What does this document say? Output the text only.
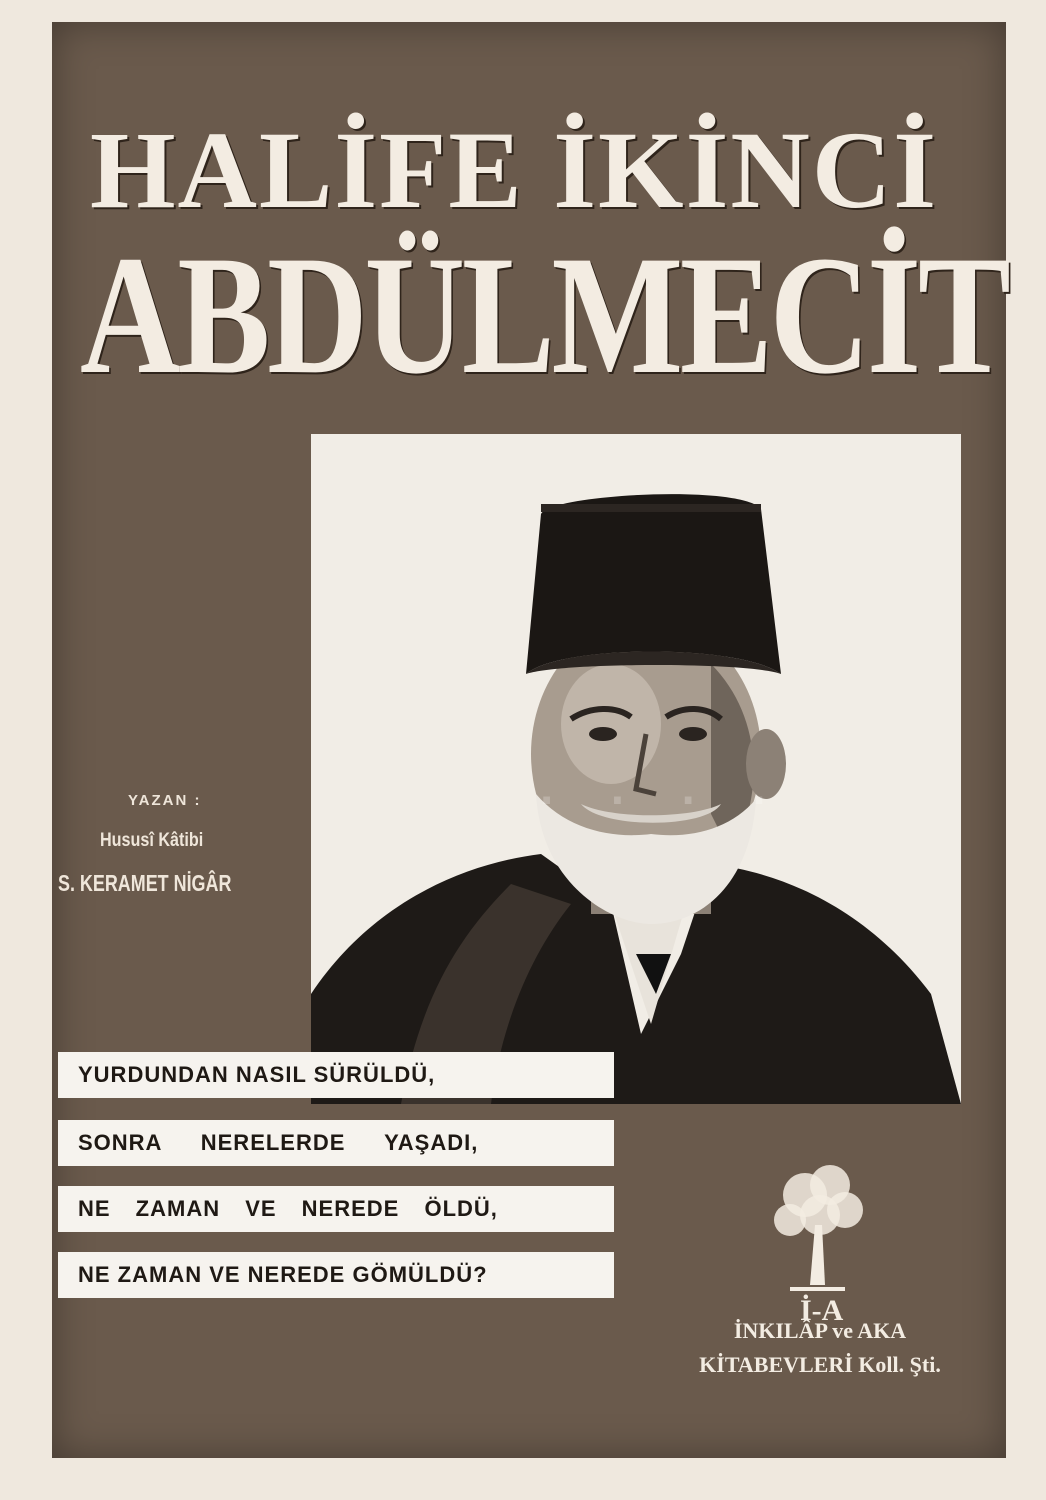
HALİFE İKİNCİ
ABDÜLMECİT
· · · ·
YAZAN :
Hususî Kâtibi
S. KERAMET NİGÂR
YURDUNDAN NASIL SÜRÜLDÜ,
SONRA NERELERDE YAŞADI,
NE ZAMAN VE NEREDE ÖLDÜ,
NE ZAMAN VE NEREDE GÖMÜLDÜ?
İ-A
İNKILÂP ve AKA
KİTABEVLERİ Koll. Şti.
